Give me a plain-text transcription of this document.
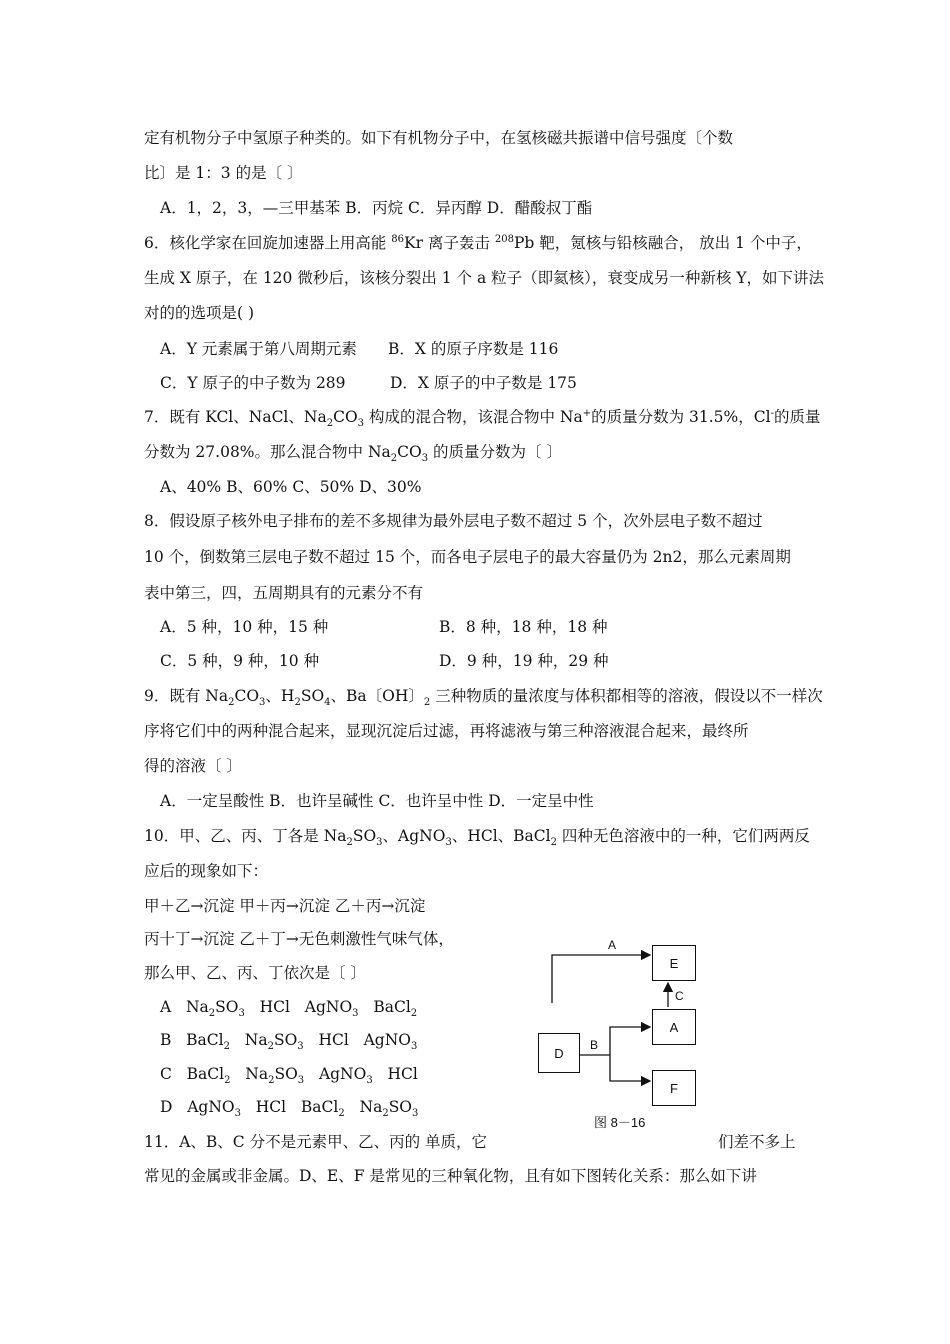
定有机物分子中氢原子种类的。如下有机物分子中，在氢核磁共振谱中信号强度〔个数
比〕是 1：3 的是〔 〕
A．1，2，3，—三甲基苯 B．丙烷 C．异丙醇 D．醋酸叔丁酯
6．核化学家在回旋加速器上用高能 $^{86}$Kr 离子轰击 $^{208}$Pb 靶，氪核与铅核融合， 放出 1 个中子，
生成 X 原子，在 120 微秒后，该核分裂出 1 个 a 粒子（即氦核），衰变成另一种新核 Y，如下讲法
对的的选项是( )
A．Y 元素属于第八周期元素 B．X 的原子序数是 116
C．Y 原子的中子数为 289	D．X 原子的中子数是 175
7．既有 KCl、NaCl、$Na_2CO_3$ 构成的混合物，该混合物中 Na+的质量分数为 31.5%，Cl-的质量
分数为 27.08%。那么混合物中 $Na_2CO_3$ 的质量分数为〔 〕
A、40% B、60% C、50% D、30%
8．假设原子核外电子排布的差不多规律为最外层电子数不超过 5 个，次外层电子数不超过
10 个，倒数第三层电子数不超过 15 个，而各电子层电子的最大容量仍为 2n2，那么元素周期
表中第三，四，五周期具有的元素分不有
A．5 种，10 种，15 种	B．8 种，18 种，18 种
C．5 种，9 种，10 种	D．9 种，19 种，29 种
9．既有 $Na_2CO_3$、$H_2SO_4$、Ba〔OH〕$_2$ 三种物质的量浓度与体积都相等的溶液，假设以不一样次
序将它们中的两种混合起来，显现沉淀后过滤，再将滤液与第三种溶液混合起来，最终所
得的溶液〔 〕
A．一定呈酸性 B．也许呈碱性 C．也许呈中性 D．一定呈中性
10．甲、乙、丙、丁各是 $Na_2SO_3$、AgNO$_3$、HCl、BaCl$_2$ 四种无色溶液中的一种，它们两两反
应后的现象如下：
甲＋乙→沉淀 甲＋丙→沉淀 乙＋丙→沉淀
丙十丁→沉淀 乙＋丁→无色刺激性气味气体，
那么甲、乙、丙、丁依次是〔 〕
A $Na_2SO_3$ HCl AgNO$_3$ BaCl$_2$
B BaCl$_2$ $Na_2SO_3$ HCl AgNO$_3$
C BaCl$_2$ $Na_2SO_3$ AgNO$_3$ HCl
D AgNO$_3$ HCl BaCl$_2$ $Na_2SO_3$
11．A、B、C 分不是元素甲、乙、丙的 单质，它	们差不多上
常见的金属或非金属。D、E、F 是常见的三种氧化物，且有如下图转化关系：那么如下讲
E
A
D
F
A
C
B
图 8－16
